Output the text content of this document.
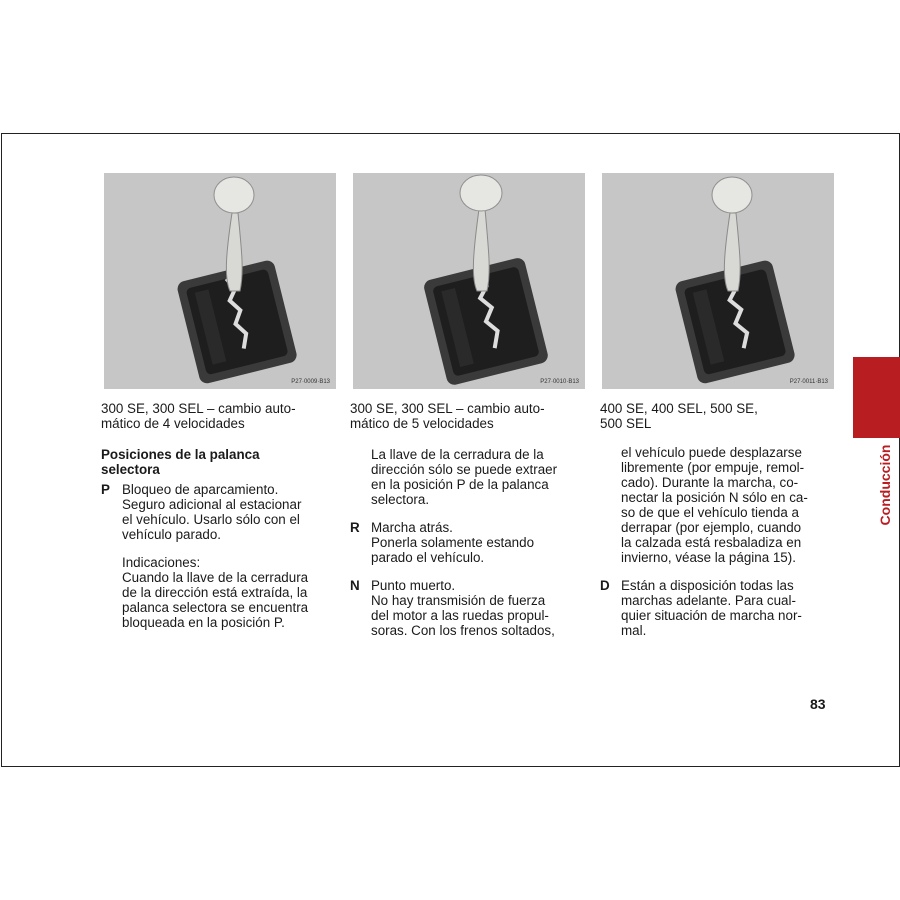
P27·0009·B13	P27·0010·B13	P27·0011·B13
300 SE, 300 SEL – cambio auto-
mático de 4 velocidades
Posiciones de la palanca
selectora
P Bloqueo de aparcamiento.
Seguro adicional al estacionar
el vehículo. Usarlo sólo con el
vehículo parado.
Indicaciones:
Cuando la llave de la cerradura
de la dirección está extraída, la
palanca selectora se encuentra
bloqueada en la posición P.
300 SE, 300 SEL – cambio auto-
mático de 5 velocidades
La llave de la cerradura de la
dirección sólo se puede extraer
en la posición P de la palanca
selectora.
R Marcha atrás.
Ponerla solamente estando
parado el vehículo.
N Punto muerto.
No hay transmisión de fuerza
del motor a las ruedas propul-
soras. Con los frenos soltados,
400 SE, 400 SEL, 500 SE,
500 SEL
el vehículo puede desplazarse
libremente (por empuje, remol-
cado). Durante la marcha, co-
nectar la posición N sólo en ca-
so de que el vehículo tienda a
derrapar (por ejemplo, cuando
la calzada está resbaladiza en
invierno, véase la página 15).
D Están a disposición todas las
marchas adelante. Para cual-
quier situación de marcha nor-
mal.
Conducción
83
